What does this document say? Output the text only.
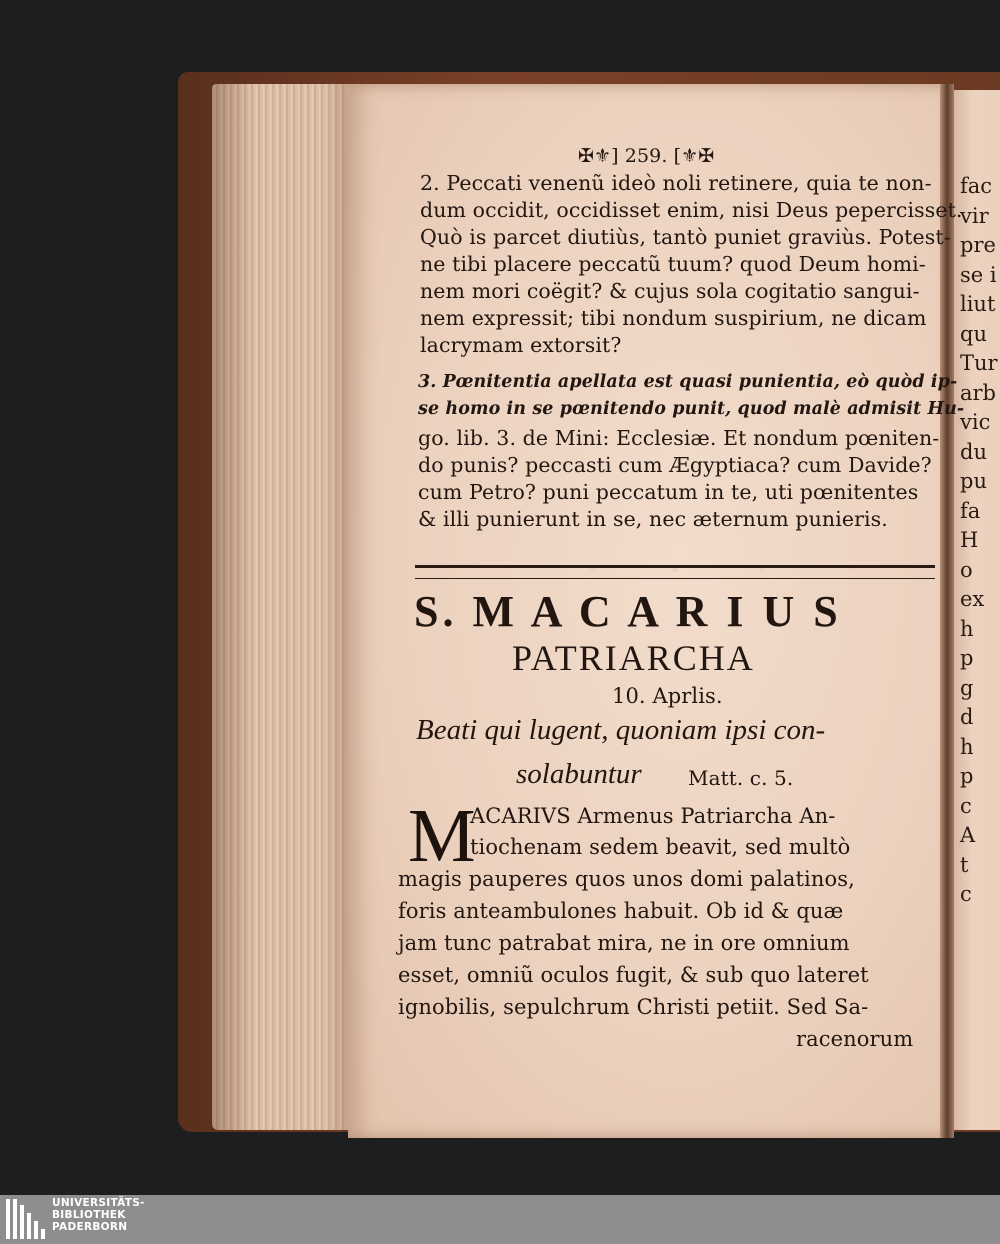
fac
vir
pre
se i
liut
qu
Tur
arb
vic
du
pu
fa
H
o
ex
h
p
g
d
h
p
c
A
t
c
✠⚜] 259. [⚜✠
2. Peccati venenũ ideò noli retinere, quia te non-
dum occidit, occidisset enim, nisi Deus pepercisset.
Quò is parcet diutiùs, tantò puniet graviùs. Potest-
ne tibi placere peccatũ tuum? quod Deum homi-
nem mori coëgit? & cujus sola cogitatio sangui-
nem expressit; tibi nondum suspirium, ne dicam
lacrymam extorsit?
3. Pœnitentia apellata est quasi punientia, eò quòd ip-
se homo in se pœnitendo punit, quod malè admisit Hu-
go. lib. 3. de Mini: Ecclesiæ. Et nondum pœniten-
do punis? peccasti cum Ægyptiaca? cum Davide?
cum Petro? puni peccatum in te, uti pœnitentes
& illi punierunt in se, nec æternum punieris.
S. M A C A R I U S
PATRIARCHA
10. Aprlis.
Beati qui lugent, quoniam ipsi con-
solabuntur Matt. c. 5.
M
ACARIVS Armenus Patriarcha An-
tiochenam sedem beavit, sed multò
magis pauperes quos unos domi palatinos,
foris anteambulones habuit. Ob id & quæ
jam tunc patrabat mira, ne in ore omnium
esset, omniũ oculos fugit, & sub quo lateret
ignobilis, sepulchrum Christi petiit. Sed Sa-
racenorum
UNIVERSITÄTS-
BIBLIOTHEK
PADERBORN
